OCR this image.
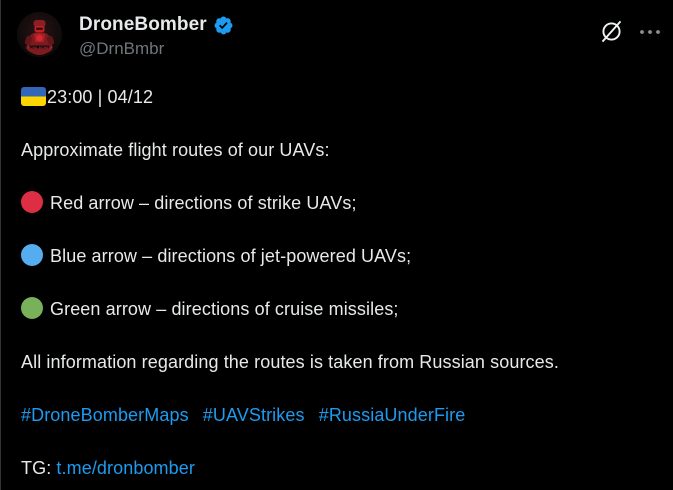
DRONE BOMBER
DroneBomber
@DrnBmbr
23:00 | 04/12
Approximate flight routes of our UAVs:
Red arrow – directions of strike UAVs;
Blue arrow – directions of jet-powered UAVs;
Green arrow – directions of cruise missiles;
All information regarding the routes is taken from Russian sources.
#DroneBomberMaps #UAVStrikes #RussiaUnderFire
TG: t.me/dronbomber
